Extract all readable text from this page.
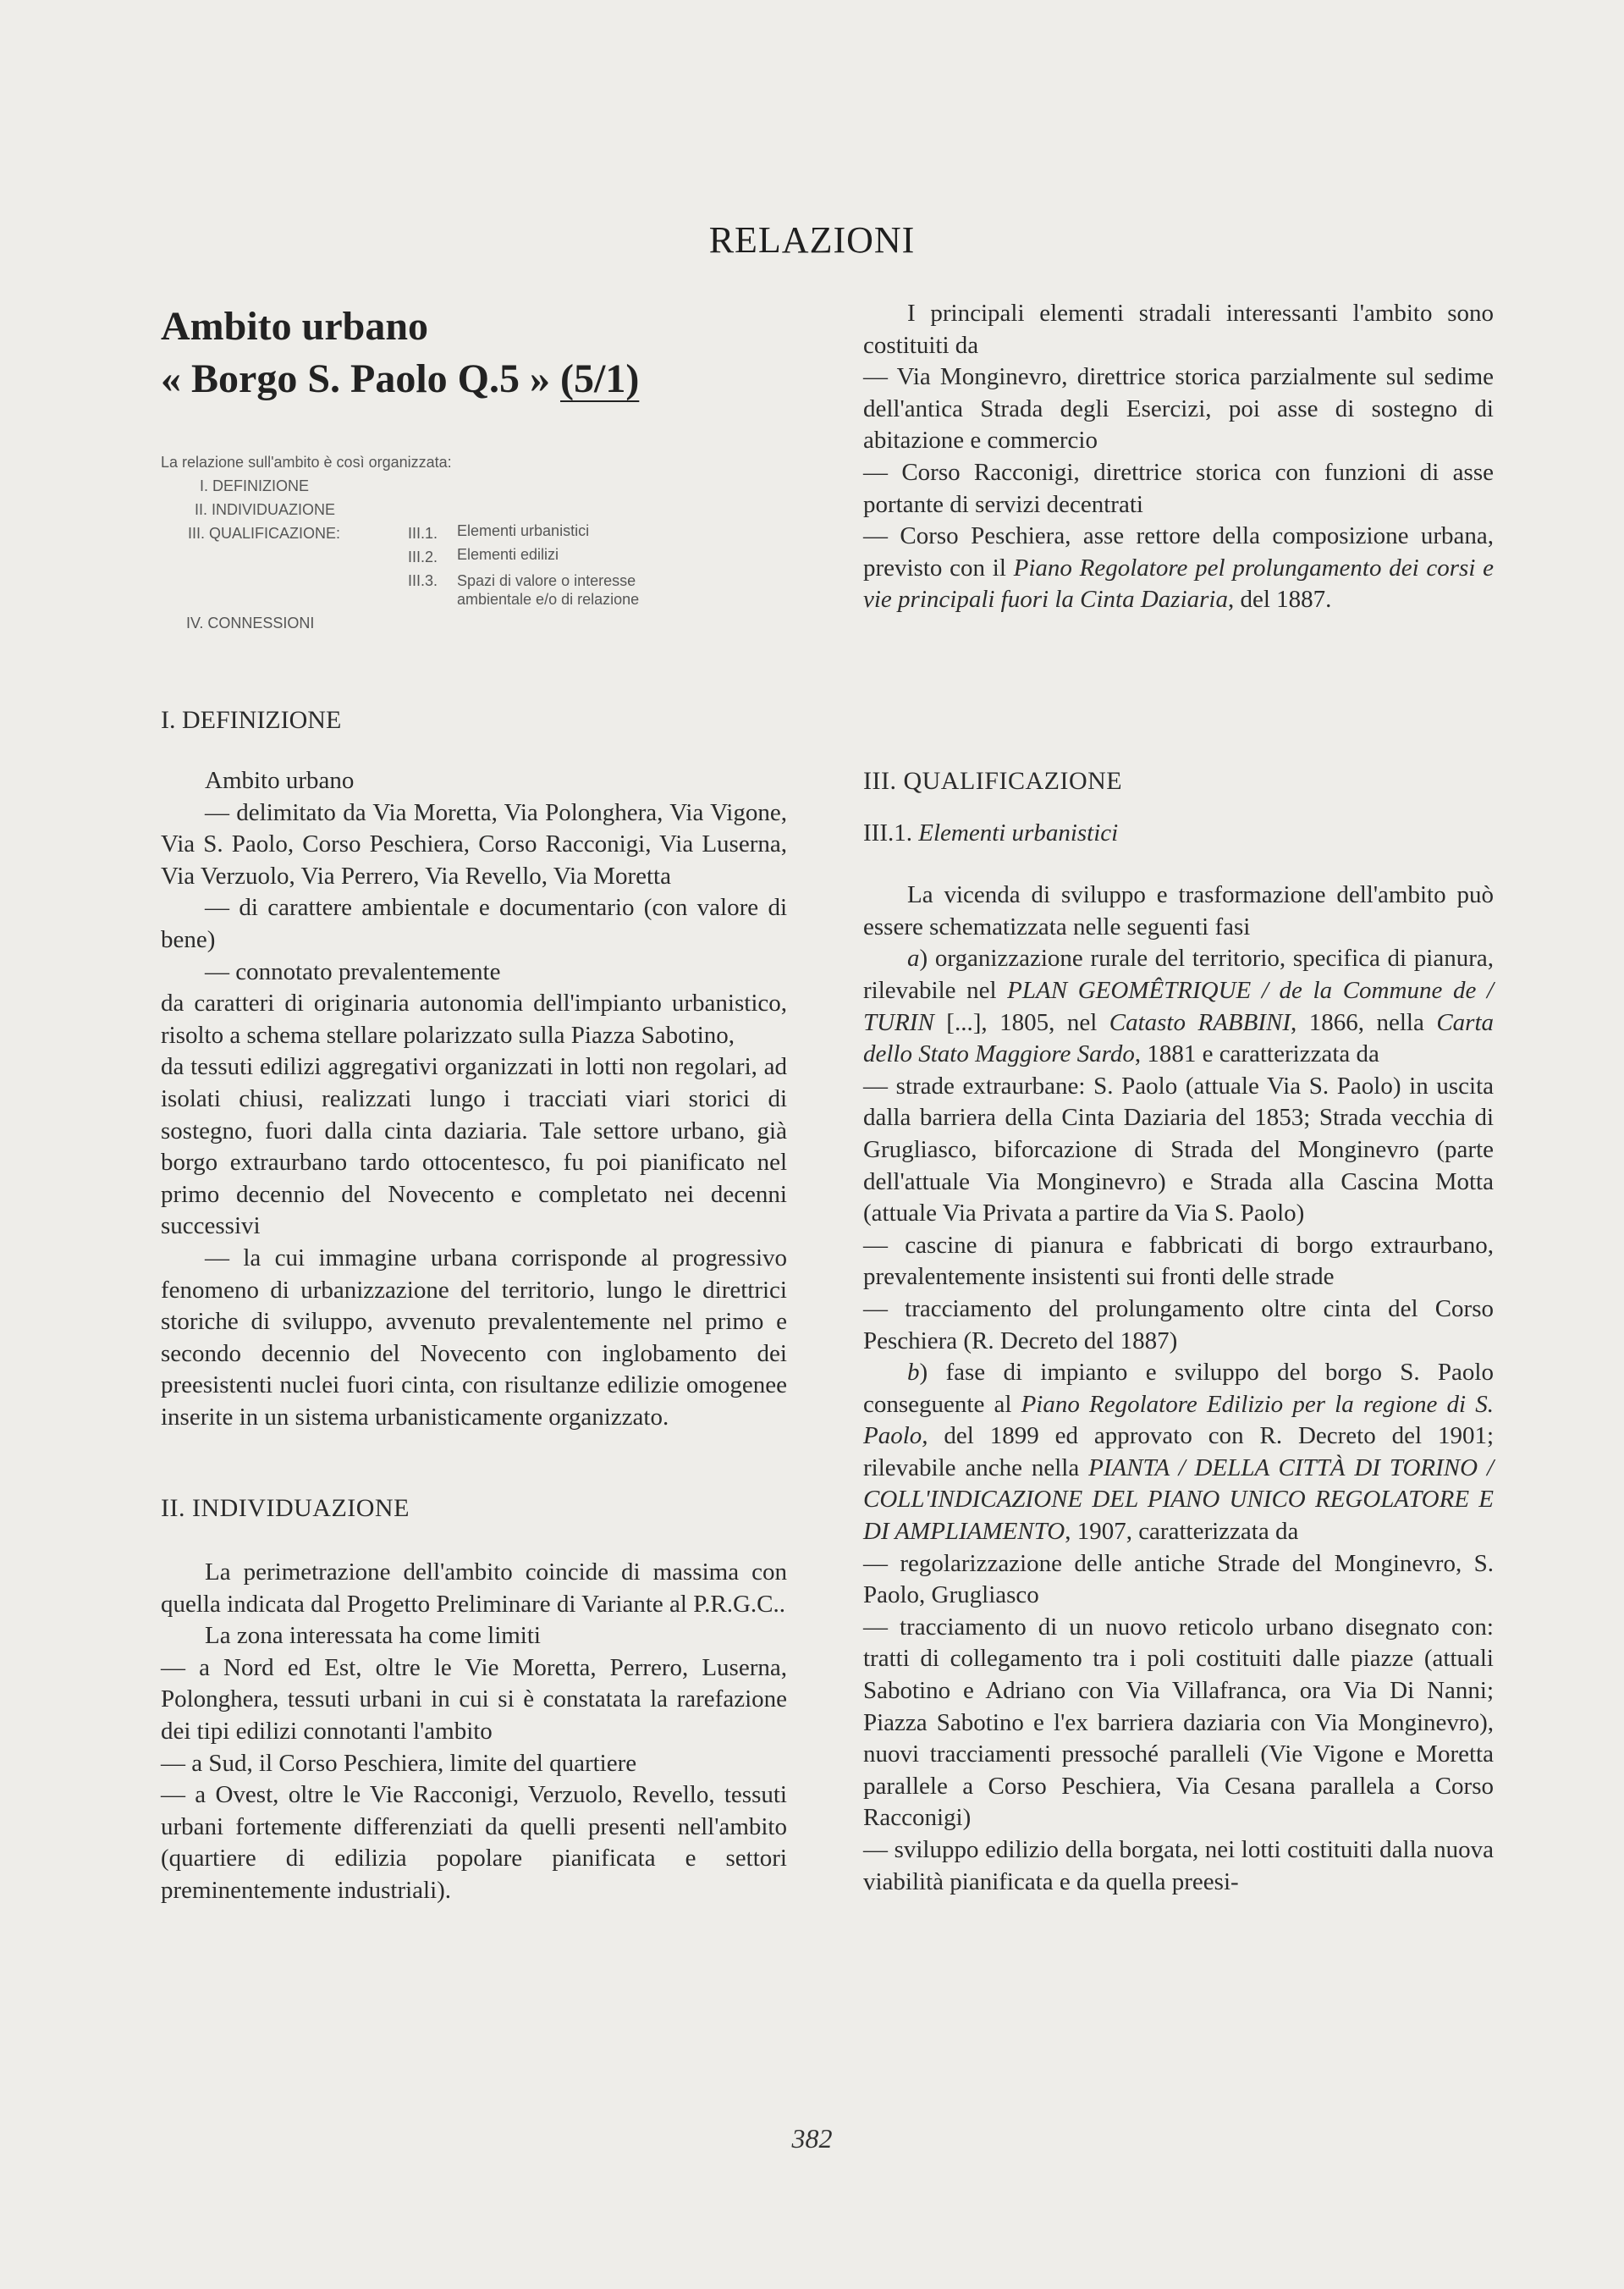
RELAZIONI
Ambito urbano
« Borgo S. Paolo Q.5 » (5/1)
La relazione sull'ambito è così organizzata:
I. DEFINIZIONE
II. INDIVIDUAZIONE
III. QUALIFICAZIONE:	III.1. Elementi urbanistici
III.2. Elementi edilizi
III.3. Spazi di valore o interesse ambientale e/o di relazione
IV. CONNESSIONI

I principali elementi stradali interessanti l'ambito sono costituiti da

— Via Monginevro, direttrice storica parzialmente sul sedime dell'antica Strada degli Esercizi, poi asse di sostegno di abitazione e commercio

— Corso Racconigi, direttrice storica con funzioni di asse portante di servizi decentrati

— Corso Peschiera, asse rettore della composizione urbana, previsto con il Piano Regolatore pel prolungamento dei corsi e vie principali fuori la Cinta Daziaria, del 1887.

I. DEFINIZIONE

Ambito urbano

— delimitato da Via Moretta, Via Polonghera, Via Vigone, Via S. Paolo, Corso Peschiera, Corso Racconigi, Via Luserna, Via Verzuolo, Via Perrero, Via Revello, Via Moretta

— di carattere ambientale e documentario (con valore di bene)

— connotato prevalentemente

da caratteri di originaria autonomia dell'impianto urbanistico, risolto a schema stellare polarizzato sulla Piazza Sabotino,

da tessuti edilizi aggregativi organizzati in lotti non regolari, ad isolati chiusi, realizzati lungo i tracciati viari storici di sostegno, fuori dalla cinta daziaria. Tale settore urbano, già borgo extraurbano tardo ottocentesco, fu poi pianificato nel primo decennio del Novecento e completato nei decenni successivi

— la cui immagine urbana corrisponde al progressivo fenomeno di urbanizzazione del territorio, lungo le direttrici storiche di sviluppo, avvenuto prevalentemente nel primo e secondo decennio del Novecento con inglobamento dei preesistenti nuclei fuori cinta, con risultanze edilizie omogenee inserite in un sistema urbanisticamente organizzato.

II. INDIVIDUAZIONE

La perimetrazione dell'ambito coincide di massima con quella indicata dal Progetto Preliminare di Variante al P.R.G.C..

La zona interessata ha come limiti

— a Nord ed Est, oltre le Vie Moretta, Perrero, Luserna, Polonghera, tessuti urbani in cui si è constatata la rarefazione dei tipi edilizi connotanti l'ambito

— a Sud, il Corso Peschiera, limite del quartiere

— a Ovest, oltre le Vie Racconigi, Verzuolo, Revello, tessuti urbani fortemente differenziati da quelli presenti nell'ambito (quartiere di edilizia popolare pianificata e settori preminentemente industriali).

III. QUALIFICAZIONE

III.1. Elementi urbanistici

La vicenda di sviluppo e trasformazione dell'ambito può essere schematizzata nelle seguenti fasi

a) organizzazione rurale del territorio, specifica di pianura, rilevabile nel PLAN GEOMÊTRIQUE / de la Commune de / TURIN [...], 1805, nel Catasto RABBINI, 1866, nella Carta dello Stato Maggiore Sardo, 1881 e caratterizzata da

— strade extraurbane: S. Paolo (attuale Via S. Paolo) in uscita dalla barriera della Cinta Daziaria del 1853; Strada vecchia di Grugliasco, biforcazione di Strada del Monginevro (parte dell'attuale Via Monginevro) e Strada alla Cascina Motta (attuale Via Privata a partire da Via S. Paolo)

— cascine di pianura e fabbricati di borgo extraurbano, prevalentemente insistenti sui fronti delle strade

— tracciamento del prolungamento oltre cinta del Corso Peschiera (R. Decreto del 1887)

b) fase di impianto e sviluppo del borgo S. Paolo conseguente al Piano Regolatore Edilizio per la regione di S. Paolo, del 1899 ed approvato con R. Decreto del 1901; rilevabile anche nella PIANTA / DELLA CITTÀ DI TORINO / COLL'INDICAZIONE DEL PIANO UNICO REGOLATORE E DI AMPLIAMENTO, 1907, caratterizzata da

— regolarizzazione delle antiche Strade del Monginevro, S. Paolo, Grugliasco

— tracciamento di un nuovo reticolo urbano disegnato con: tratti di collegamento tra i poli costituiti dalle piazze (attuali Sabotino e Adriano con Via Villafranca, ora Via Di Nanni; Piazza Sabotino e l'ex barriera daziaria con Via Monginevro), nuovi tracciamenti pressoché paralleli (Vie Vigone e Moretta parallele a Corso Peschiera, Via Cesana parallela a Corso Racconigi)

— sviluppo edilizio della borgata, nei lotti costituiti dalla nuova viabilità pianificata e da quella preesi-

382
